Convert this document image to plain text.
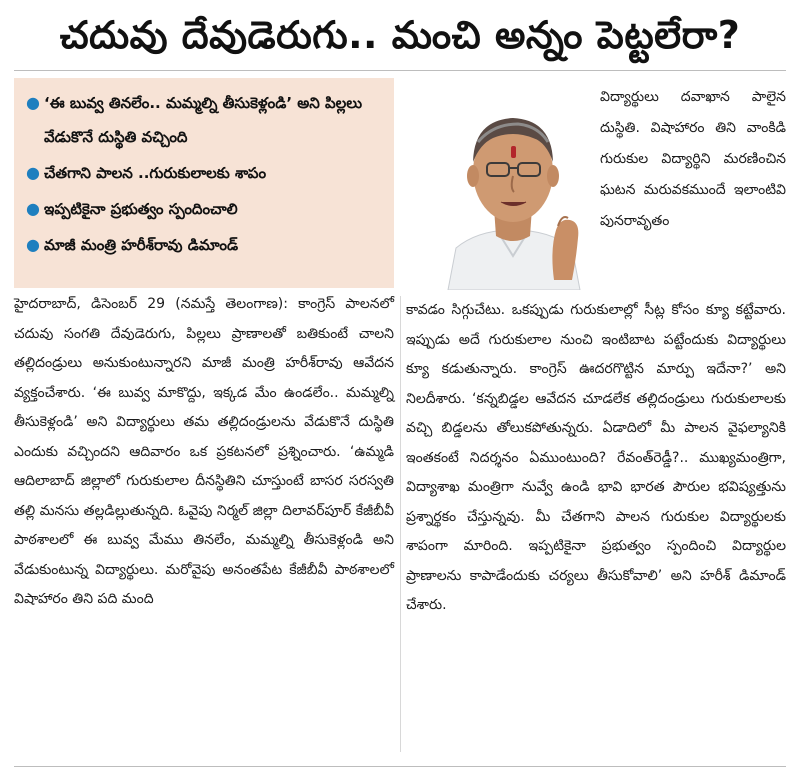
చదువు దేవుడెరుగు.. మంచి అన్నం పెట్టలేరా?
● ‘ఈ బువ్వ తినలేం.. మమ్మల్ని తీసుకెళ్లండి’ అని పిల్లలు వేడుకొనే దుస్థితి వచ్చింది
● చేతగాని పాలన ..గురుకులాలకు శాపం
● ఇప్పటికైనా ప్రభుత్వం స్పందించాలి
● మాజీ మంత్రి హరీశ్‌రావు డిమాండ్
విద్యార్థులు దవాఖాన పాలైన దుస్థితి. విషాహారం తిని వాంకిడి గురుకుల విద్యార్థిని మరణించిన ఘటన మరువకముందే ఇలాంటివి పునరావృతం
హైదరాబాద్‌, డిసెంబర్‌ 29 (నమస్తే తెలంగాణ): కాంగ్రెస్‌ పాలనలో చదువు సంగతి దేవుడెరుగు, పిల్లలు ప్రాణాలతో బతికుంటే చాలని తల్లిదండ్రులు అనుకుంటున్నారని మాజీ మంత్రి హరీశ్‌రావు ఆవేదన వ్యక్తంచేశారు. ‘ఈ బువ్వ మాకొద్దు, ఇక్కడ మేం ఉండలేం.. మమ్మల్ని తీసుకెళ్లండి’ అని విద్యార్థులు తమ తల్లిదండ్రులను వేడుకొనే దుస్థితి ఎందుకు వచ్చిందని ఆదివారం ఒక ప్రకటనలో ప్రశ్నించారు. ‘ఉమ్మడి ఆదిలాబాద్‌ జిల్లాలో గురుకులాల దీనస్థితిని చూస్తుంటే బాసర సరస్వతి తల్లి మనసు తల్లడిల్లుతున్నది. ఓవైపు నిర్మల్‌ జిల్లా దిలావర్‌పూర్‌ కేజీబీవీ పాఠశాలలో ఈ బువ్వ మేము తినలేం, మమ్మల్ని తీసుకెళ్లండి అని వేడుకుంటున్న విద్యార్థులు. మరోవైపు అనంతపేట కేజీబీవీ పాఠశాలలో విషాహారం తిని పది మంది
కావడం సిగ్గుచేటు. ఒకప్పుడు గురుకులాల్లో సీట్ల కోసం క్యూ కట్టేవారు. ఇప్పుడు అదే గురుకులాల నుంచి ఇంటిబాట పట్టేందుకు విద్యార్థులు క్యూ కడుతున్నారు. కాంగ్రెస్‌ ఊదరగొట్టిన మార్పు ఇదేనా?’ అని నిలదీశారు. ‘కన్నబిడ్డల ఆవేదన చూడలేక తల్లిదండ్రులు గురుకులాలకు వచ్చి బిడ్డలను తోలుకపోతున్నరు. ఏడాదిలో మీ పాలన వైఫల్యానికి ఇంతకంటే నిదర్శనం ఏముంటుంది? రేవంత్‌రెడ్డీ?.. ముఖ్యమంత్రిగా, విద్యాశాఖ మంత్రిగా నువ్వే ఉండి భావి భారత పౌరుల భవిష్యత్తును ప్రశ్నార్థకం చేస్తున్నవు. మీ చేతగాని పాలన గురుకుల విద్యార్థులకు శాపంగా మారింది. ఇప్పటికైనా ప్రభుత్వం స్పందించి విద్యార్థుల ప్రాణాలను కాపాడేందుకు చర్యలు తీసుకోవాలి’ అని హరీశ్‌ డిమాండ్‌ చేశారు.
